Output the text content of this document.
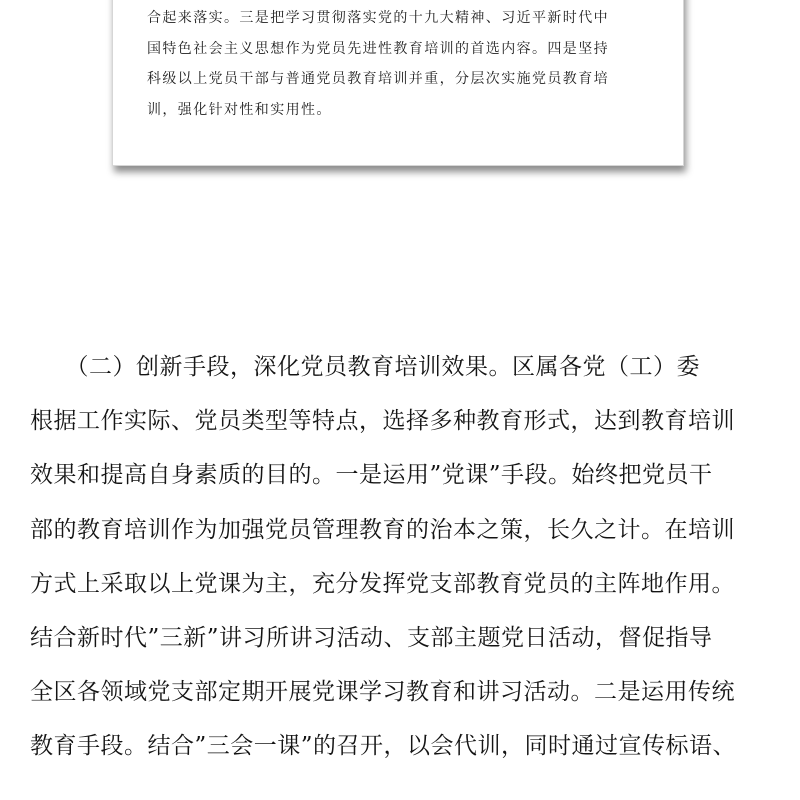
合起来落实。三是把学习贯彻落实党的十九大精神、习近平新时代中
国特色社会主义思想作为党员先进性教育培训的首选内容。四是坚持
科级以上党员干部与普通党员教育培训并重，分层次实施党员教育培
训，强化针对性和实用性。

　　（二）创新手段，深化党员教育培训效果。区属各党（工）委
根据工作实际、党员类型等特点，选择多种教育形式，达到教育培训
效果和提高自身素质的目的。一是运用”党课”手段。始终把党员干
部的教育培训作为加强党员管理教育的治本之策，长久之计。在培训
方式上采取以上党课为主，充分发挥党支部教育党员的主阵地作用。
结合新时代”三新”讲习所讲习活动、支部主题党日活动，督促指导
全区各领域党支部定期开展党课学习教育和讲习活动。二是运用传统
教育手段。结合”三会一课”的召开，以会代训，同时通过宣传标语、
